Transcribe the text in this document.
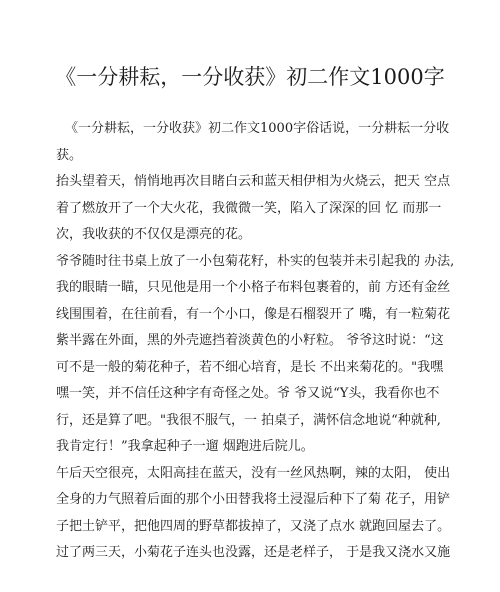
《一分耕耘，一分收获》初二作文1000字
《一分耕耘，一分收获》初二作文1000字俗话说，一分耕耘一分收
获。
抬头望着天，悄悄地再次目睹白云和蓝天相伊相为火烧云，把天 空点
着了燃放开了一个大火花，我微微一笑，陷入了深深的回 忆 而那一
次，我收获的不仅仅是漂亮的花。
爷爷随时往书桌上放了一小包菊花籽，朴实的包装并未引起我的 办法,
我的眼睛一瞄，只见他是用一个小格子布料包裹着的，前 方还有金丝
线围围着，在往前看，有一个小口，像是石榴裂开了 嘴，有一粒菊花
紫半露在外面，黑的外壳遮挡着淡黄色的小籽粒。 爷爷这时说：“这
可不是一般的菊花种子，若不细心培育，是长 不出来菊花的。"我嘿
嘿一笑，并不信任这种字有奇怪之处。爷 爷又说“Y头，我看你也不
行，还是算了吧。"我很不服气，一 拍桌子，满怀信念地说“种就种,
我肯定行！”我拿起种子一遛 烟跑进后院儿。
午后天空很亮，太阳高挂在蓝天，没有一丝风热啊，辣的太阳， 使出
全身的力气照着后面的那个小田替我将土浸湿后种下了菊 花子，用铲
子把土铲平，把他四周的野草都拔掉了，又浇了点水 就跑回屋去了。
过了两三天，小菊花子连头也没露，还是老样子， 于是我又浇水又施
